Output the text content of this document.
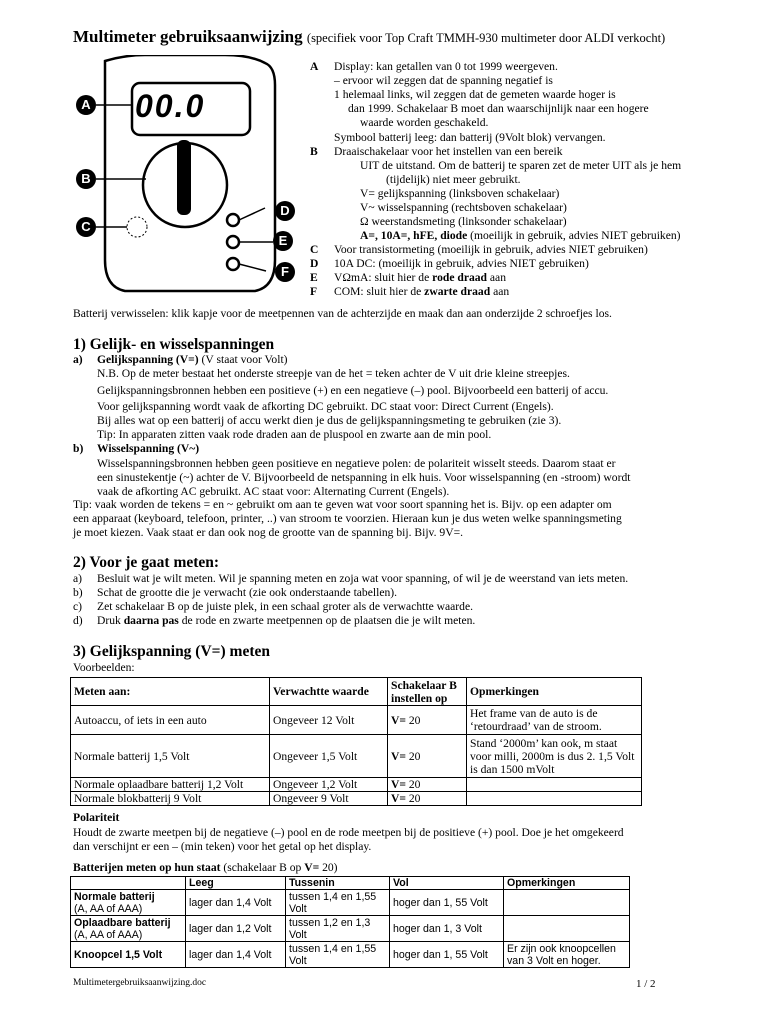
Multimeter gebruiksaanwijzing (specifiek voor Top Craft TMMH-930 multimeter door ALDI verkocht)
00.0
A
B
C
D
E
F
A	Display: kan getallen van 0 tot 1999 weergeven.
– ervoor wil zeggen dat de spanning negatief is
1 helemaal links, wil zeggen dat de gemeten waarde hoger is
dan 1999. Schakelaar B moet dan waarschijnlijk naar een hogere
waarde worden geschakeld.
Symbool batterij leeg: dan batterij (9Volt blok) vervangen.
B	Draaischakelaar voor het instellen van een bereik
UIT de uitstand. Om de batterij te sparen zet de meter UIT als je hem
(tijdelijk) niet meer gebruikt.
V= gelijkspanning (linksboven schakelaar)
V~ wisselspanning (rechtsboven schakelaar)
Ω weerstandsmeting (linksonder schakelaar)
A=, 10A=, hFE, diode (moeilijk in gebruik, advies NIET gebruiken)
C	Voor transistormeting (moeilijk in gebruik, advies NIET gebruiken)
D	10A DC: (moeilijk in gebruik, advies NIET gebruiken)
E	VΩmA: sluit hier de rode draad aan
F	COM: sluit hier de zwarte draad aan
Batterij verwisselen: klik kapje voor de meetpennen van de achterzijde en maak dan aan onderzijde 2 schroefjes los.
1) Gelijk- en wisselspanningen
a) Gelijkspanning (V=) (V staat voor Volt)
N.B. Op de meter bestaat het onderste streepje van de het = teken achter de V uit drie kleine streepjes.
Gelijkspanningsbronnen hebben een positieve (+) en een negatieve (–) pool. Bijvoorbeeld een batterij of accu.
Voor gelijkspanning wordt vaak de afkorting DC gebruikt. DC staat voor: Direct Current (Engels).
Bij alles wat op een batterij of accu werkt dien je dus de gelijkspanningsmeting te gebruiken (zie 3).
Tip: In apparaten zitten vaak rode draden aan de pluspool en zwarte aan de min pool.
b) Wisselspanning (V~)
Wisselspanningsbronnen hebben geen positieve en negatieve polen: de polariteit wisselt steeds. Daarom staat er
een sinustekentje (~) achter de V. Bijvoorbeeld de netspanning in elk huis. Voor wisselspanning (en -stroom) wordt
vaak de afkorting AC gebruikt. AC staat voor: Alternating Current (Engels).
Tip: vaak worden de tekens = en ~ gebruikt om aan te geven wat voor soort spanning het is. Bijv. op een adapter om
een apparaat (keyboard, telefoon, printer, ..) van stroom te voorzien. Hieraan kun je dus weten welke spanningsmeting
je moet kiezen. Vaak staat er dan ook nog de grootte van de spanning bij. Bijv. 9V=.
2) Voor je gaat meten:
a) Besluit wat je wilt meten. Wil je spanning meten en zoja wat voor spanning, of wil je de weerstand van iets meten.
b) Schat de grootte die je verwacht (zie ook onderstaande tabellen).
c) Zet schakelaar B op de juiste plek, in een schaal groter als de verwachtte waarde.
d) Druk daarna pas de rode en zwarte meetpennen op de plaatsen die je wilt meten.
3) Gelijkspanning (V=) meten
Voorbeelden:
Meten aan:	Verwachtte waarde	Schakelaar B instellen op	Opmerkingen
Autoaccu, of iets in een auto	Ongeveer 12 Volt	V= 20	Het frame van de auto is de ‘retourdraad’ van de stroom.
Normale batterij 1,5 Volt	Ongeveer 1,5 Volt	V= 20	Stand ‘2000m’ kan ook, m staat voor milli, 2000m is dus 2. 1,5 Volt is dan 1500 mVolt
Normale oplaadbare batterij 1,2 Volt	Ongeveer 1,2 Volt	V= 20	
Normale blokbatterij 9 Volt	Ongeveer 9 Volt	V= 20	
Polariteit
Houdt de zwarte meetpen bij de negatieve (–) pool en de rode meetpen bij de positieve (+) pool. Doe je het omgekeerd
dan verschijnt er een – (min teken) voor het getal op het display.
Batterijen meten op hun staat (schakelaar B op V= 20)
	Leeg	Tussenin	Vol	Opmerkingen
Normale batterij
(A, AA of AAA)	lager dan 1,4 Volt	tussen 1,4 en 1,55 Volt	hoger dan 1, 55 Volt	
Oplaadbare batterij
(A, AA of AAA)	lager dan 1,2 Volt	tussen 1,2 en 1,3 Volt	hoger dan 1, 3 Volt	
Knoopcel 1,5 Volt	lager dan 1,4 Volt	tussen 1,4 en 1,55 Volt	hoger dan 1, 55 Volt	Er zijn ook knoopcellen van 3 Volt en hoger.
Multimetergebruiksaanwijzing.doc	1 / 2
